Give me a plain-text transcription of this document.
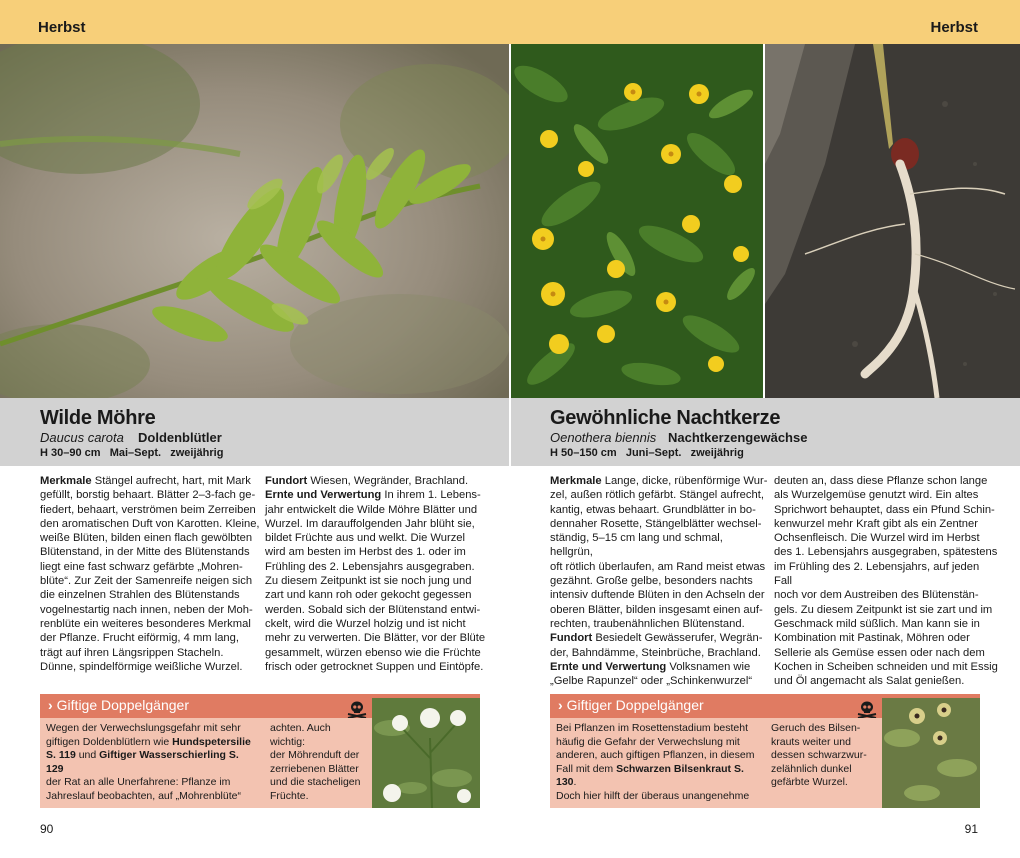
Herbst	Herbst
Wilde Möhre
Daucus carota Doldenblütler
H 30–90 cm   Mai–Sept.   zweijährig
Gewöhnliche Nachtkerze
Oenothera biennis Nachtkerzengewächse
H 50–150 cm   Juni–Sept.   zweijährig
Merkmale Stängel aufrecht, hart, mit Mark
gefüllt, borstig behaart. Blätter 2–3-fach ge-
fiedert, behaart, verströmen beim Zerreiben
den aromatischen Duft von Karotten. Kleine,
weiße Blüten, bilden einen flach gewölbten
Blütenstand, in der Mitte des Blütenstands
liegt eine fast schwarz gefärbte „Mohren-
blüte“. Zur Zeit der Samenreife neigen sich
die einzelnen Strahlen des Blütenstands
vogelnestartig nach innen, neben der Moh-
renblüte ein weiteres besonderes Merkmal
der Pflanze. Frucht eiförmig, 4 mm lang,
trägt auf ihren Längsrippen Stacheln.
Dünne, spindelförmige weißliche Wurzel.
Fundort Wiesen, Wegränder, Brachland.
Ernte und Verwertung In ihrem 1. Lebens-
jahr entwickelt die Wilde Möhre Blätter und
Wurzel. Im darauffolgenden Jahr blüht sie,
bildet Früchte aus und welkt. Die Wurzel
wird am besten im Herbst des 1. oder im
Frühling des 2. Lebensjahrs ausgegraben.
Zu diesem Zeitpunkt ist sie noch jung und
zart und kann roh oder gekocht gegessen
werden. Sobald sich der Blütenstand entwi-
ckelt, wird die Wurzel holzig und ist nicht
mehr zu verwerten. Die Blätter, vor der Blüte
gesammelt, würzen ebenso wie die Früchte
frisch oder getrocknet Suppen und Eintöpfe.
Merkmale Lange, dicke, rübenförmige Wur-
zel, außen rötlich gefärbt. Stängel aufrecht,
kantig, etwas behaart. Grundblätter in bo-
dennaher Rosette, Stängelblätter wechsel-
ständig, 5–15 cm lang und schmal, hellgrün,
oft rötlich überlaufen, am Rand meist etwas
gezähnt. Große gelbe, besonders nachts
intensiv duftende Blüten in den Achseln der
oberen Blätter, bilden insgesamt einen auf-
rechten, traubenähnlichen Blütenstand.
Fundort Besiedelt Gewässerufer, Wegrän-
der, Bahndämme, Steinbrüche, Brachland.
Ernte und Verwertung Volksnamen wie
„Gelbe Rapunzel“ oder „Schinkenwurzel“
deuten an, dass diese Pflanze schon lange
als Wurzelgemüse genutzt wird. Ein altes
Sprichwort behauptet, dass ein Pfund Schin-
kenwurzel mehr Kraft gibt als ein Zentner
Ochsenfleisch. Die Wurzel wird im Herbst
des 1. Lebensjahrs ausgegraben, spätestens
im Frühling des 2. Lebensjahrs, auf jeden Fall
noch vor dem Austreiben des Blütenstän-
gels. Zu diesem Zeitpunkt ist sie zart und im
Geschmack mild süßlich. Man kann sie in
Kombination mit Pastinak, Möhren oder
Sellerie als Gemüse essen oder nach dem
Kochen in Scheiben schneiden und mit Essig
und Öl angemacht als Salat genießen.
› Giftige Doppelgänger
Wegen der Verwechslungsgefahr mit sehr
giftigen Doldenblütlern wie Hundspetersilie
S. 119 und Giftiger Wasserschierling S. 129
der Rat an alle Unerfahrene: Pflanze im
Jahreslauf beobachten, auf „Mohrenblüte“
achten. Auch wichtig:
der Möhrenduft der
zerriebenen Blätter
und die stacheligen
Früchte.
› Giftiger Doppelgänger
Bei Pflanzen im Rosettenstadium besteht
häufig die Gefahr der Verwechslung mit
anderen, auch giftigen Pflanzen, in diesem
Fall mit dem Schwarzen Bilsenkraut S. 130.
Doch hier hilft der überaus unangenehme
Geruch des Bilsen-
krauts weiter und
dessen schwarzwur-
zelähnlich dunkel
gefärbte Wurzel.
90	91
